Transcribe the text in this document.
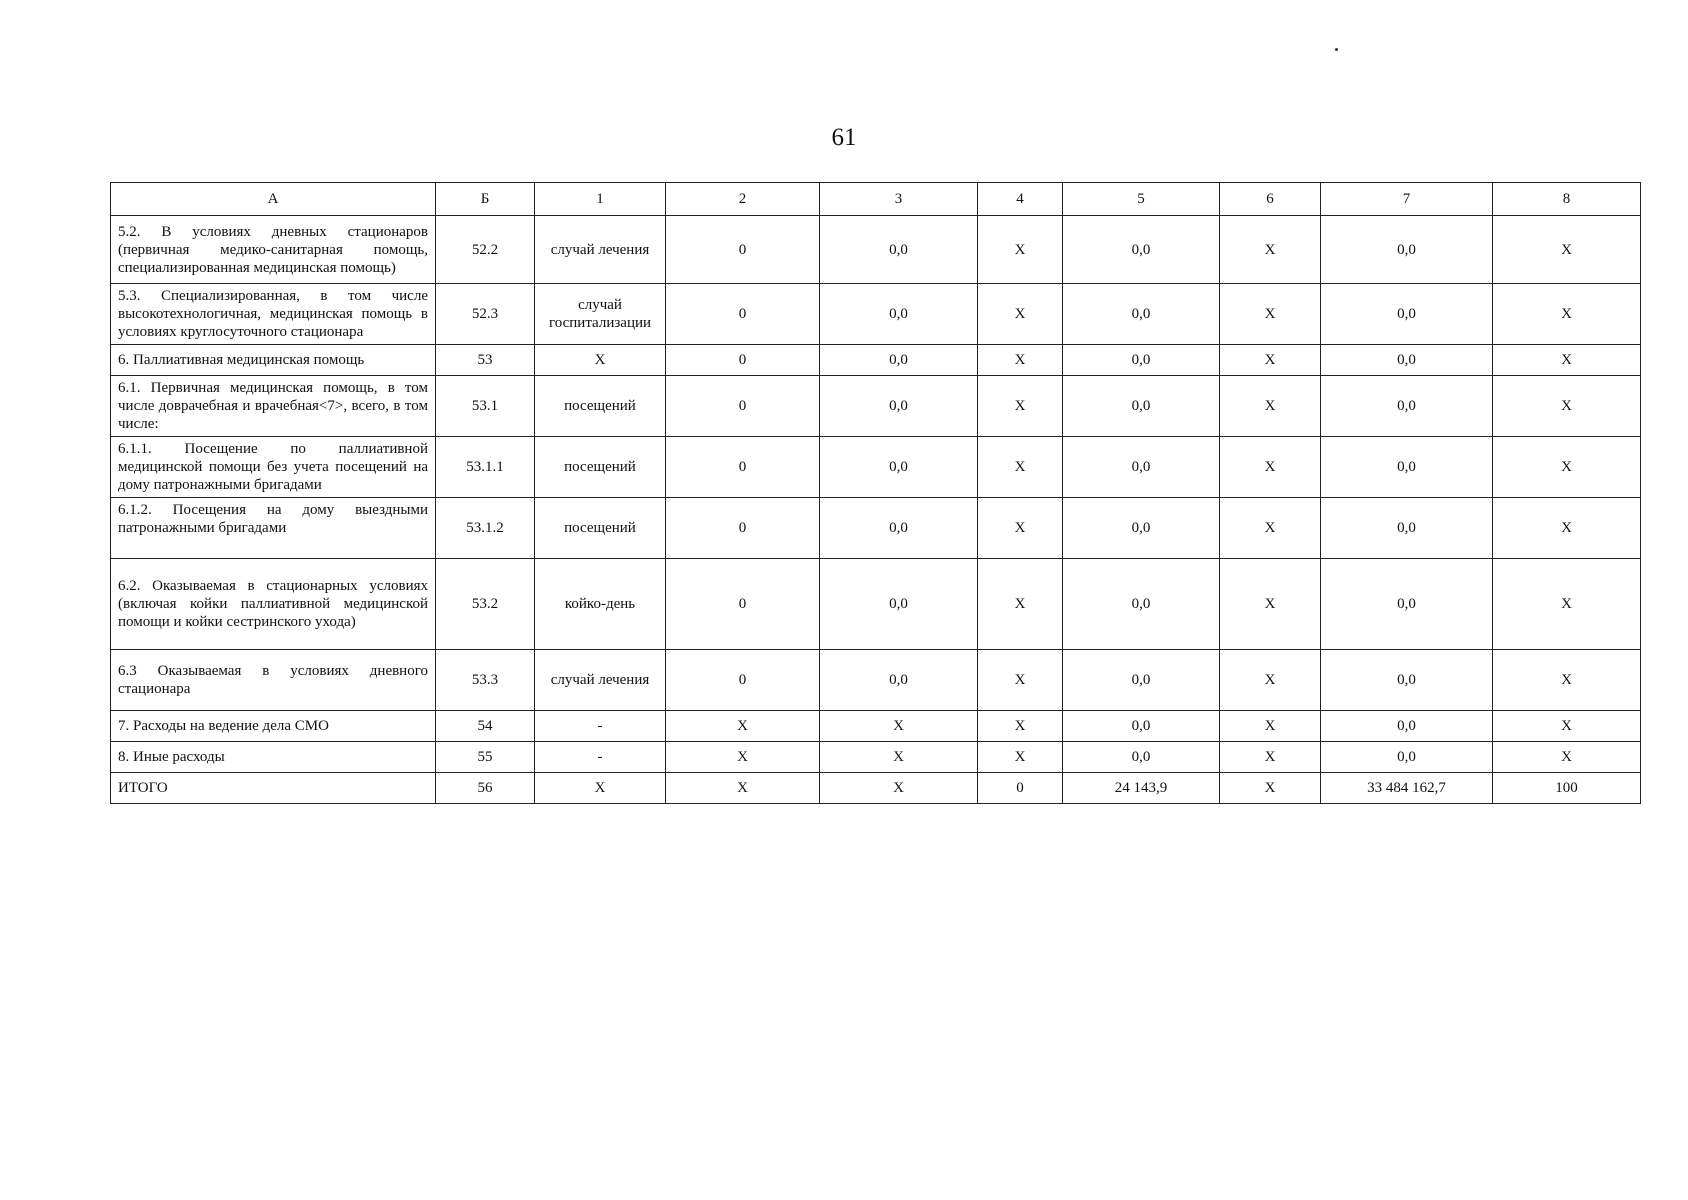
61
А	Б	1	2	3	4	5	6	7	8
5.2. В условиях дневных стационаров (первичная медико-санитарная помощь, специализированная медицинская помощь)	52.2	случай лечения	0	0,0	X	0,0	X	0,0	X
5.3. Специализированная, в том числе высокотехнологичная, медицинская помощь в условиях круглосуточного стационара	52.3	случай госпитализации	0	0,0	X	0,0	X	0,0	X
6. Паллиативная медицинская помощь	53	X	0	0,0	X	0,0	X	0,0	X
6.1. Первичная медицинская помощь, в том числе доврачебная и врачебная<7>, всего, в том числе:	53.1	посещений	0	0,0	X	0,0	X	0,0	X
6.1.1. Посещение по паллиативной медицинской помощи без учета посещений на дому патронажными бригадами	53.1.1	посещений	0	0,0	X	0,0	X	0,0	X
6.1.2. Посещения на дому выездными патронажными бригадами	53.1.2	посещений	0	0,0	X	0,0	X	0,0	X
6.2. Оказываемая в стационарных условиях (включая койки паллиативной медицинской помощи и койки сестринского ухода)	53.2	койко-день	0	0,0	X	0,0	X	0,0	X
6.3 Оказываемая в условиях дневного стационара	53.3	случай лечения	0	0,0	X	0,0	X	0,0	X
7. Расходы на ведение дела СМО	54	-	X	X	X	0,0	X	0,0	X
8. Иные расходы	55	-	X	X	X	0,0	X	0,0	X
ИТОГО	56	X	X	X	0	24 143,9	X	33 484 162,7	100
